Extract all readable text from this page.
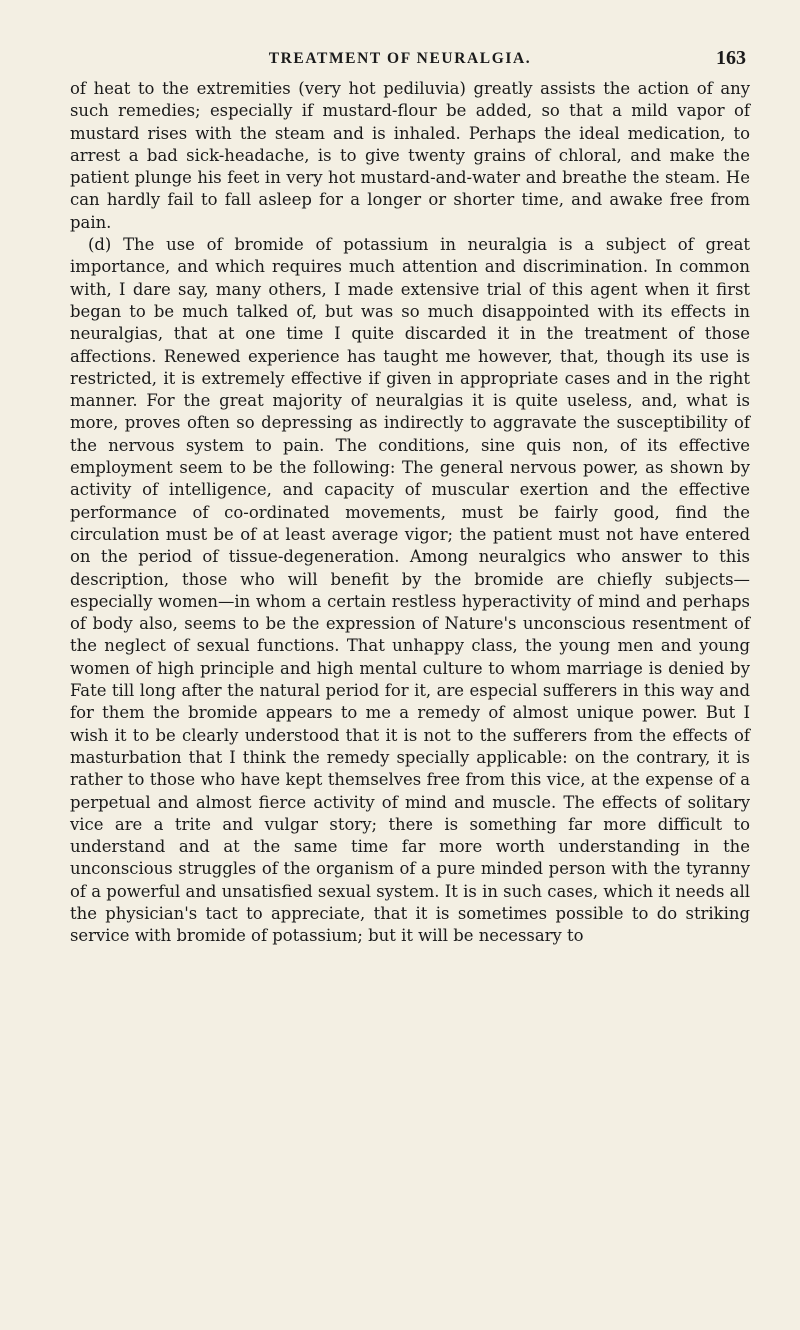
TREATMENT OF NEURALGIA.	163

of heat to the extremities (very hot pediluvia) greatly assists the action of any such remedies; especially if mustard-flour be added, so that a mild vapor of mustard rises with the steam and is inhaled. Perhaps the ideal medication, to arrest a bad sick-headache, is to give twenty grains of chloral, and make the patient plunge his feet in very hot mustard-and-water and breathe the steam. He can hardly fail to fall asleep for a longer or shorter time, and awake free from pain.

(d) The use of bromide of potassium in neuralgia is a subject of great importance, and which requires much attention and discrimination. In common with, I dare say, many others, I made extensive trial of this agent when it first began to be much talked of, but was so much disappointed with its effects in neuralgias, that at one time I quite discarded it in the treatment of those affections. Renewed experience has taught me however, that, though its use is restricted, it is extremely effective if given in appropriate cases and in the right manner. For the great majority of neuralgias it is quite useless, and, what is more, proves often so depressing as indirectly to aggravate the susceptibility of the nervous system to pain. The conditions, sine quis non, of its effective employment seem to be the following: The general nervous power, as shown by activity of intelligence, and capacity of muscular exertion and the effective performance of co-ordinated movements, must be fairly good, find the circulation must be of at least average vigor; the patient must not have entered on the period of tissue-degeneration. Among neuralgics who answer to this description, those who will benefit by the bromide are chiefly subjects—especially women—in whom a certain restless hyperactivity of mind and perhaps of body also, seems to be the expression of Nature's unconscious resentment of the neglect of sexual functions. That unhappy class, the young men and young women of high principle and high mental culture to whom marriage is denied by Fate till long after the natural period for it, are especial sufferers in this way and for them the bromide appears to me a remedy of almost unique power. But I wish it to be clearly understood that it is not to the sufferers from the effects of masturbation that I think the remedy specially applicable: on the contrary, it is rather to those who have kept themselves free from this vice, at the expense of a perpetual and almost fierce activity of mind and muscle. The effects of solitary vice are a trite and vulgar story; there is something far more difficult to understand and at the same time far more worth understanding in the unconscious struggles of the organism of a pure minded person with the tyranny of a powerful and unsatisfied sexual system. It is in such cases, which it needs all the physician's tact to appreciate, that it is sometimes possible to do striking service with bromide of potassium; but it will be necessary to
